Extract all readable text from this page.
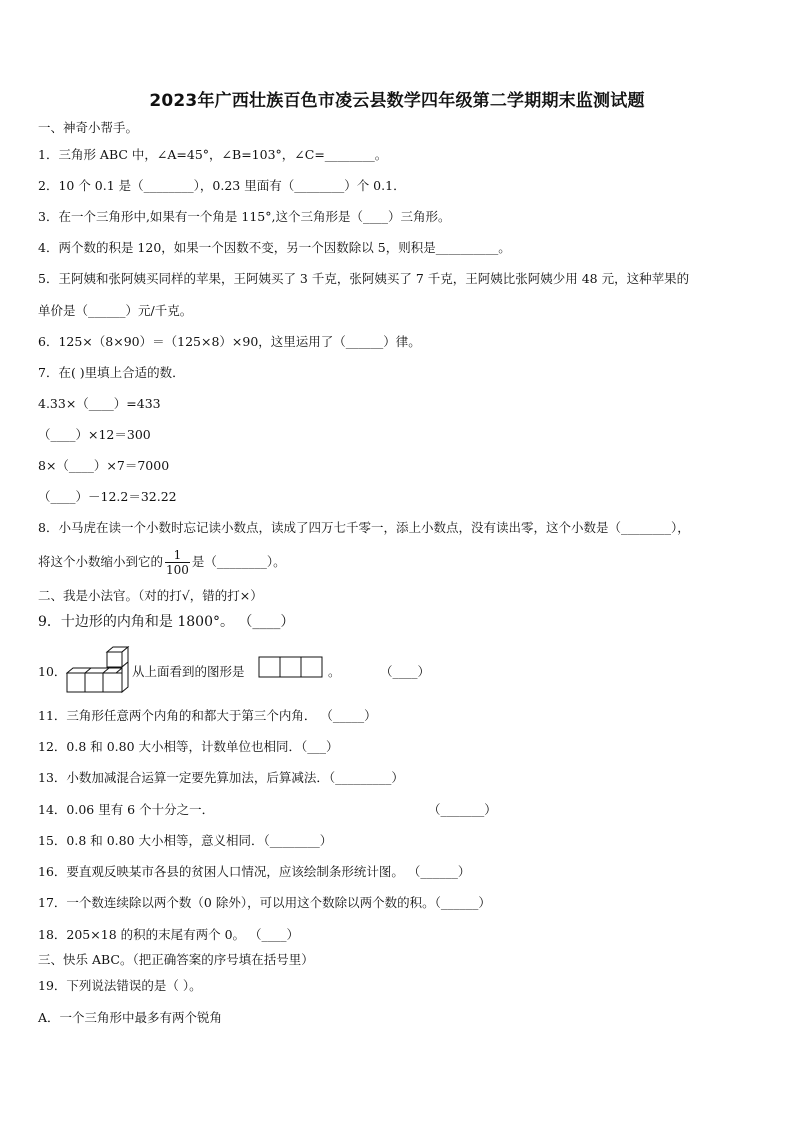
2023年广西壮族百色市凌云县数学四年级第二学期期末监测试题
一、神奇小帮手。
1．三角形 ABC 中，∠A=45°，∠B=103°，∠C=________。
2．10 个 0.1 是（________），0.23 里面有（________）个 0.1．
3．在一个三角形中,如果有一个角是 115°,这个三角形是（____）三角形。
4．两个数的积是 120，如果一个因数不变，另一个因数除以 5，则积是__________。
5．王阿姨和张阿姨买同样的苹果，王阿姨买了 3 千克，张阿姨买了 7 千克，王阿姨比张阿姨少用 48 元，这种苹果的
单价是（______）元/千克。
6．125×（8×90）＝（125×8）×90，这里运用了（______）律。
7．在( )里填上合适的数．
4.33×（____）=433
（____）×12＝300
8×（____）×7＝7000
（____）－12.2＝32.22
8．小马虎在读一个小数时忘记读小数点，读成了四万七千零一，添上小数点，没有读出零，这个小数是（________），
将这个小数缩小到它的 $\frac{1}{100}$ 是（________）。
二、我是小法官。（对的打√，错的打×）
9．十边形的内角和是 1800°。 （____）
10．	从上面看到的图形是	。	（____）
11．三角形任意两个内角的和都大于第三个内角． （_____）
12．0.8 和 0.80 大小相等，计数单位也相同．（___）
13．小数加减混合运算一定要先算加法，后算减法．（_________）
14．0.06 里有 6 个十分之一．	（_______）
15．0.8 和 0.80 大小相等，意义相同．（________）
16．要直观反映某市各县的贫困人口情况，应该绘制条形统计图。 （______）
17．一个数连续除以两个数（0 除外），可以用这个数除以两个数的积。（______）
18．205×18 的积的末尾有两个 0。 （____）
三、快乐 ABC。（把正确答案的序号填在括号里）
19．下列说法错误的是（ ）。
A．一个三角形中最多有两个锐角
